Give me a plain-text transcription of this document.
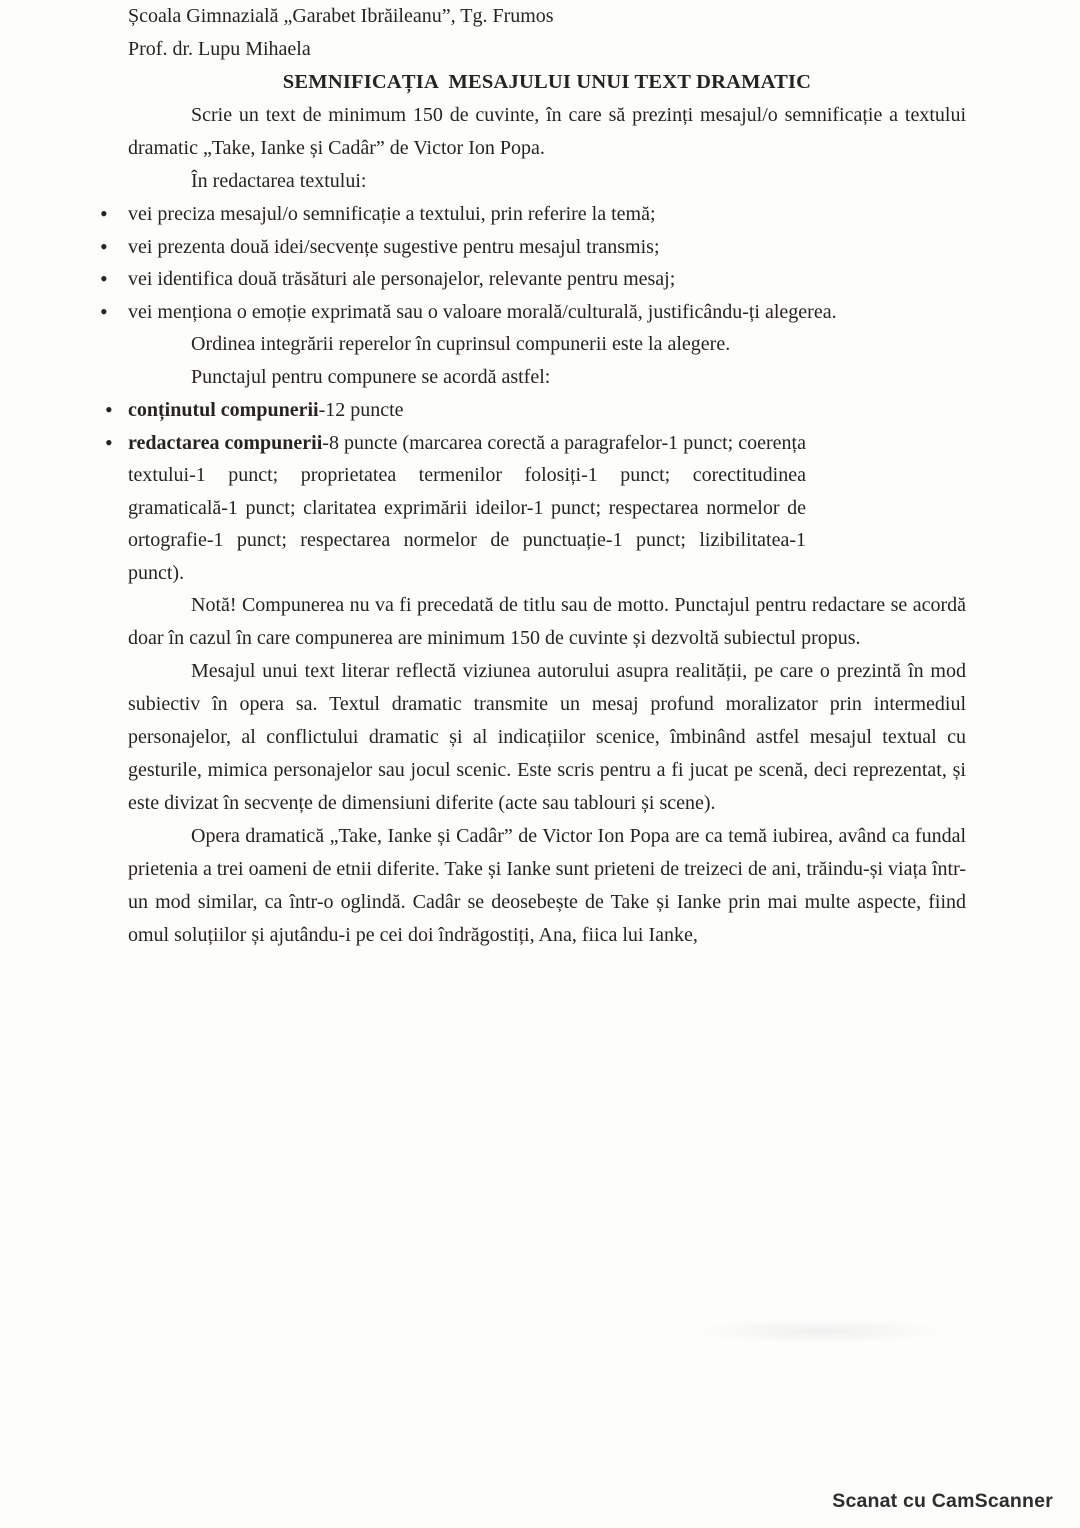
Școala Gimnazială „Garabet Ibrăileanu”, Tg. Frumos

Prof. dr. Lupu Mihaela

SEMNIFICAȚIA  MESAJULUI UNUI TEXT DRAMATIC

Scrie un text de minimum 150 de cuvinte, în care să prezinți mesajul/o semnificație a textului dramatic „Take, Ianke și Cadâr” de Victor Ion Popa.

În redactarea textului:

• vei preciza mesajul/o semnificație a textului, prin referire la temă;
• vei prezenta două idei/secvențe sugestive pentru mesajul transmis;
• vei identifica două trăsături ale personajelor, relevante pentru mesaj;
• vei menționa o emoție exprimată sau o valoare morală/culturală, justificându-ți alegerea.

Ordinea integrării reperelor în cuprinsul compunerii este la alegere.

Punctajul pentru compunere se acordă astfel:

• conținutul compunerii-12 puncte
• redactarea compunerii-8 puncte (marcarea corectă a paragrafelor-1 punct; coerența textului-1 punct; proprietatea termenilor folosiți-1 punct; corectitudinea gramaticală-1 punct; claritatea exprimării ideilor-1 punct; respectarea normelor de ortografie-1 punct; respectarea normelor de punctuație-1 punct; lizibilitatea-1 punct).

Notă! Compunerea nu va fi precedată de titlu sau de motto. Punctajul pentru redactare se acordă doar în cazul în care compunerea are minimum 150 de cuvinte și dezvoltă subiectul propus.

Mesajul unui text literar reflectă viziunea autorului asupra realității, pe care o prezintă în mod subiectiv în opera sa. Textul dramatic transmite un mesaj profund moralizator prin intermediul personajelor, al conflictului dramatic și al indicațiilor scenice, îmbinând astfel mesajul textual cu gesturile, mimica personajelor sau jocul scenic. Este scris pentru a fi jucat pe scenă, deci reprezentat, și este divizat în secvențe de dimensiuni diferite (acte sau tablouri și scene).

Opera dramatică „Take, Ianke și Cadâr” de Victor Ion Popa are ca temă iubirea, având ca fundal prietenia a trei oameni de etnii diferite. Take și Ianke sunt prieteni de treizeci de ani, trăindu-și viața într-un mod similar, ca într-o oglindă. Cadâr se deosebește de Take și Ianke prin mai multe aspecte, fiind omul soluțiilor și ajutându-i pe cei doi îndrăgostiți, Ana, fiica lui Ianke,

Scanat cu CamScanner
